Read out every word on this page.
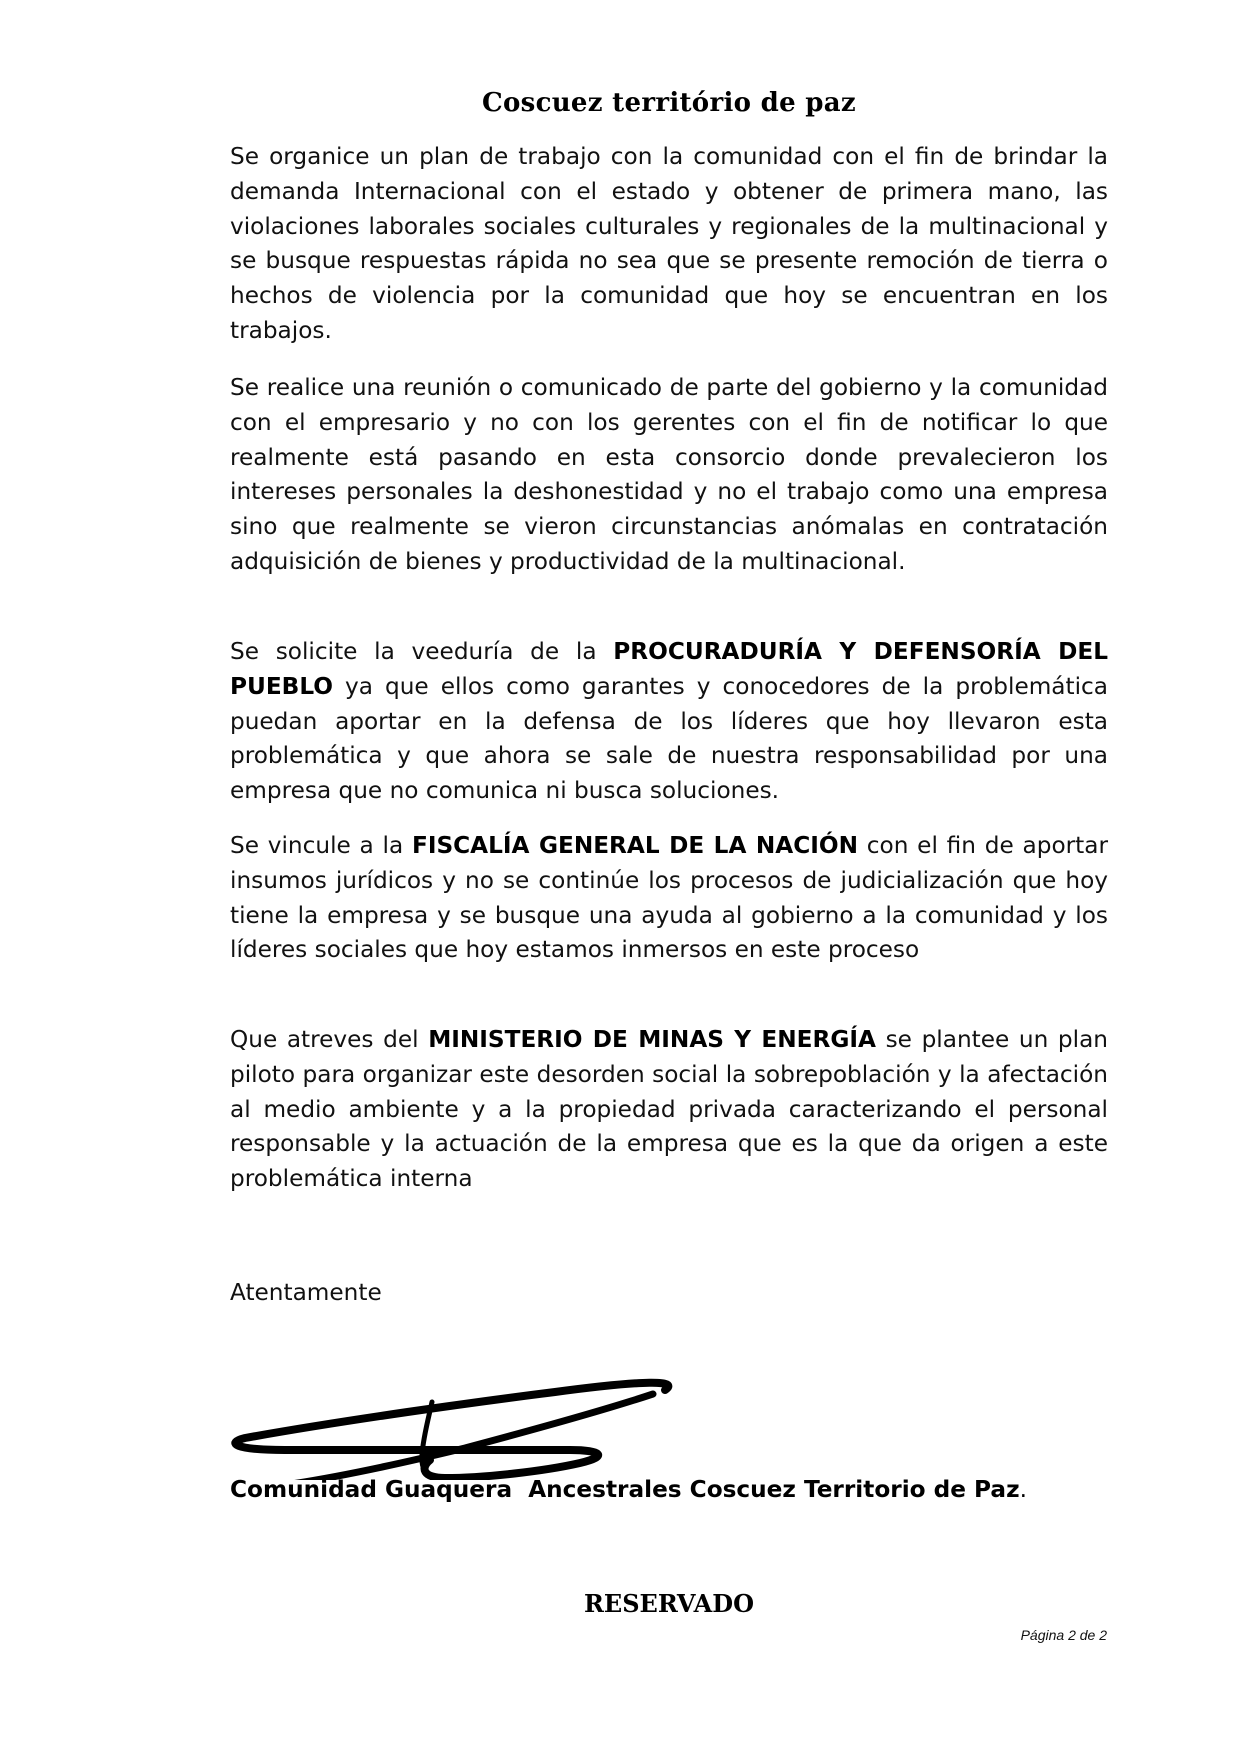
Coscuez território de paz

Se organice un plan de trabajo con la comunidad con el fin de brindar la demanda Internacional con el estado y obtener de primera mano, las violaciones laborales sociales culturales y regionales de la multinacional y se busque respuestas rápida no sea que se presente remoción de tierra o hechos de violencia por la comunidad que hoy se encuentran en los trabajos.

Se realice una reunión o comunicado de parte del gobierno y la comunidad con el empresario y no con los gerentes con el fin de notificar lo que realmente está pasando en esta consorcio donde prevalecieron los intereses personales la deshonestidad y no el trabajo como una empresa sino que realmente se vieron circunstancias anómalas en contratación adquisición de bienes y productividad de la multinacional.

Se solicite la veeduría de la PROCURADURÍA Y DEFENSORÍA DEL PUEBLO ya que ellos como garantes y conocedores de la problemática puedan aportar en la defensa de los líderes que hoy llevaron esta problemática y que ahora se sale de nuestra responsabilidad por una empresa que no comunica ni busca soluciones.

Se vincule a la FISCALÍA GENERAL DE LA NACIÓN con el fin de aportar insumos jurídicos y no se continúe los procesos de judicialización que hoy tiene la empresa y se busque una ayuda al gobierno a la comunidad y los líderes sociales que hoy estamos inmersos en este proceso

Que atreves del MINISTERIO DE MINAS Y ENERGÍA se plantee un plan piloto para organizar este desorden social la sobrepoblación y la afectación al medio ambiente y a la propiedad privada caracterizando el personal responsable y la actuación de la empresa que es la que da origen a este problemática interna

Atentamente

Comunidad Guaquera  Ancestrales Coscuez Territorio de Paz.

RESERVADO

Página 2 de 2
